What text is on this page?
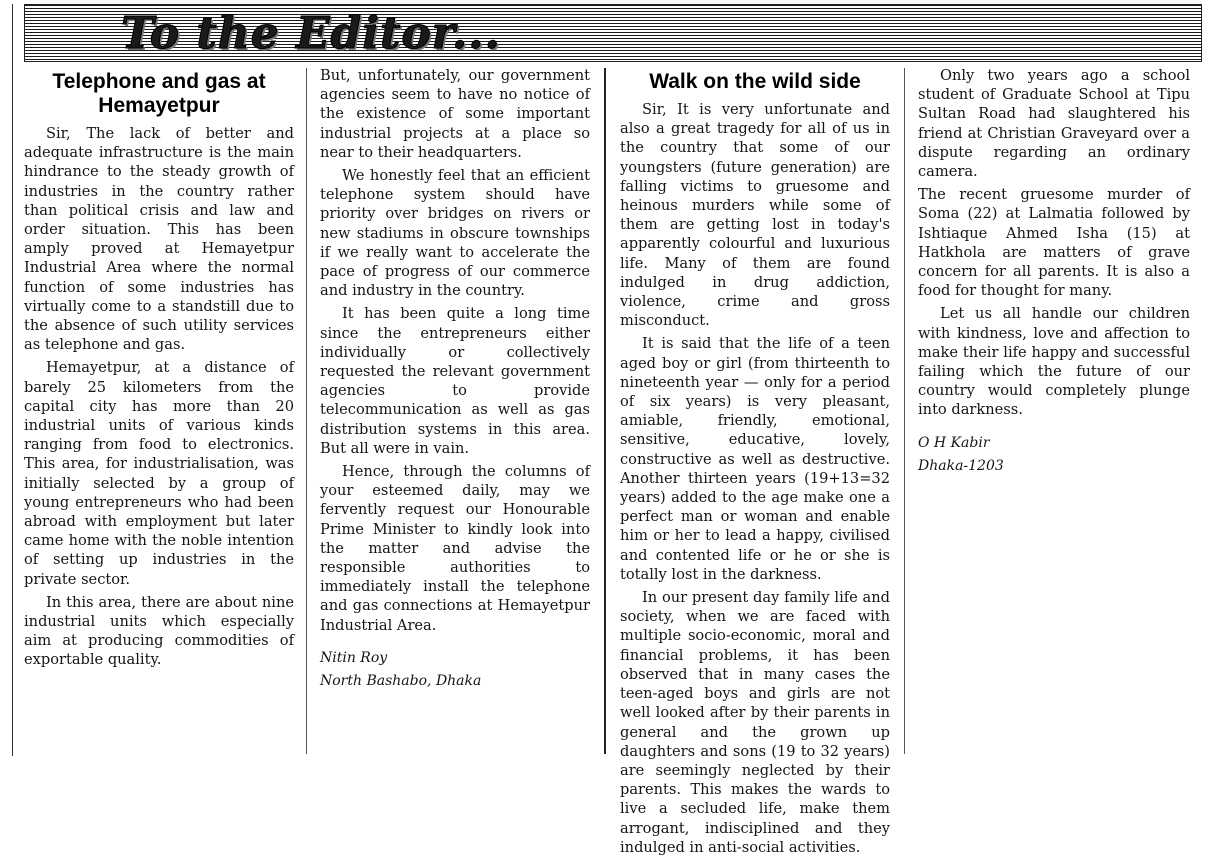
To the Editor...
Telephone and gas at Hemayetpur

Sir, The lack of better and adequate infrastructure is the main hindrance to the steady growth of industries in the country rather than political crisis and law and order situation. This has been amply proved at Hemayetpur Industrial Area where the normal function of some industries has virtually come to a standstill due to the absence of such utility services as telephone and gas.

Hemayetpur, at a distance of barely 25 kilometers from the capital city has more than 20 industrial units of various kinds ranging from food to electronics. This area, for industrialisation, was initially selected by a group of young entrepreneurs who had been abroad with employment but later came home with the noble intention of setting up industries in the private sector.

In this area, there are about nine industrial units which especially aim at producing commodities of exportable quality.

But, unfortunately, our government agencies seem to have no notice of the existence of some important industrial projects at a place so near to their headquarters.

We honestly feel that an efficient telephone system should have priority over bridges on rivers or new stadiums in obscure townships if we really want to accelerate the pace of progress of our commerce and industry in the country.

It has been quite a long time since the entrepreneurs either individually or collectively requested the relevant government agencies to provide telecommunication as well as gas distribution systems in this area. But all were in vain.

Hence, through the columns of your esteemed daily, may we fervently request our Honourable Prime Minister to kindly look into the matter and advise the responsible authorities to immediately install the telephone and gas connections at Hemayetpur Industrial Area.

Nitin Roy

North Bashabo, Dhaka

Walk on the wild side

Sir, It is very unfortunate and also a great tragedy for all of us in the country that some of our youngsters (future generation) are falling victims to gruesome and heinous murders while some of them are getting lost in today's apparently colourful and luxurious life. Many of them are found indulged in drug addiction, violence, crime and gross misconduct.

It is said that the life of a teen aged boy or girl (from thirteenth to nineteenth year — only for a period of six years) is very pleasant, amiable, friendly, emotional, sensitive, educative, lovely, constructive as well as destructive. Another thirteen years (19+13=32 years) added to the age make one a perfect man or woman and enable him or her to lead a happy, civilised and contented life or he or she is totally lost in the darkness.

In our present day family life and society, when we are faced with multiple socio-economic, moral and financial problems, it has been observed that in many cases the teen-aged boys and girls are not well looked after by their parents in general and the grown up daughters and sons (19 to 32 years) are seemingly neglected by their parents. This makes the wards to live a secluded life, make them arrogant, indisciplined and they indulged in anti-social activities.

Only two years ago a school student of Graduate School at Tipu Sultan Road had slaughtered his friend at Christian Graveyard over a dispute regarding an ordinary camera.

The recent gruesome murder of Soma (22) at Lalmatia followed by Ishtiaque Ahmed Isha (15) at Hatkhola are matters of grave concern for all parents. It is also a food for thought for many.

Let us all handle our children with kindness, love and affection to make their life happy and successful failing which the future of our country would completely plunge into darkness.

O H Kabir

Dhaka-1203
